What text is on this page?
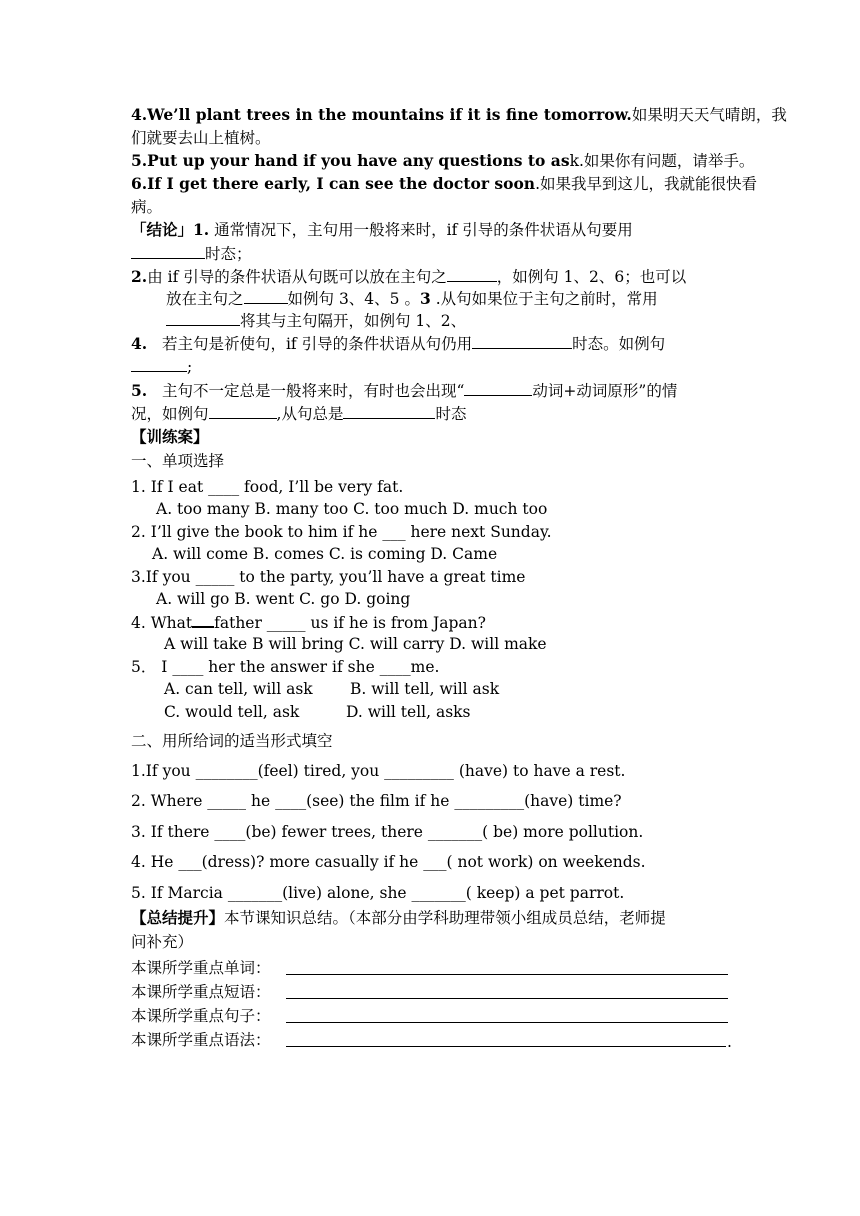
4.We’ll plant trees in the mountains if it is fine tomorrow.如果明天天气晴朗，我
们就要去山上植树。
5.Put up your hand if you have any questions to ask.如果你有问题，请举手。
6.If I get there early, I can see the doctor soon.如果我早到这儿，我就能很快看
病。
「结论」1. 通常情况下，主句用一般将来时，if 引导的条件状语从句要用
时态；
2.由 if 引导的条件状语从句既可以放在主句之	，如例句 1、2、6；也可以
放在主句之	如例句 3、4、5 。3 .从句如果位于主句之前时，常用
将其与主句隔开，如例句 1、2、
4. 若主句是祈使句，if 引导的条件状语从句仍用	时态。如例句
;
5. 主句不一定总是一般将来时，有时也会出现“	动词+动词原形”的情
况，如例句	,从句总是	时态
【训练案】
一、单项选择
1. If I eat ____ food, I’ll be very fat.
A. too many B. many too C. too much D. much too
2. I’ll give the book to him if he ___ here next Sunday.
A. will come B. comes C. is coming D. Came
3.If you _____ to the party, you’ll have a great time
A. will go B. went C. go D. going
4. What father _____ us if he is from Japan?
A will take B will bring C. will carry D. will make
5． I ____ her the answer if she ____me.
A. can tell, will ask B. will tell, will ask
C. would tell, ask	D. will tell, asks
二、用所给词的适当形式填空
1.If you ________(feel) tired, you _________ (have) to have a rest.
2. Where _____ he ____(see) the film if he _________(have) time?
3. If there ____(be) fewer trees, there _______( be) more pollution.
4. He ___(dress)? more casually if he ___( not work) on weekends.
5. If Marcia _______(live) alone, she _______( keep) a pet parrot.
【总结提升】本节课知识总结。（本部分由学科助理带领小组成员总结，老师提
问补充）
本课所学重点单词：
本课所学重点短语：
本课所学重点句子：
本课所学重点语法：	.
